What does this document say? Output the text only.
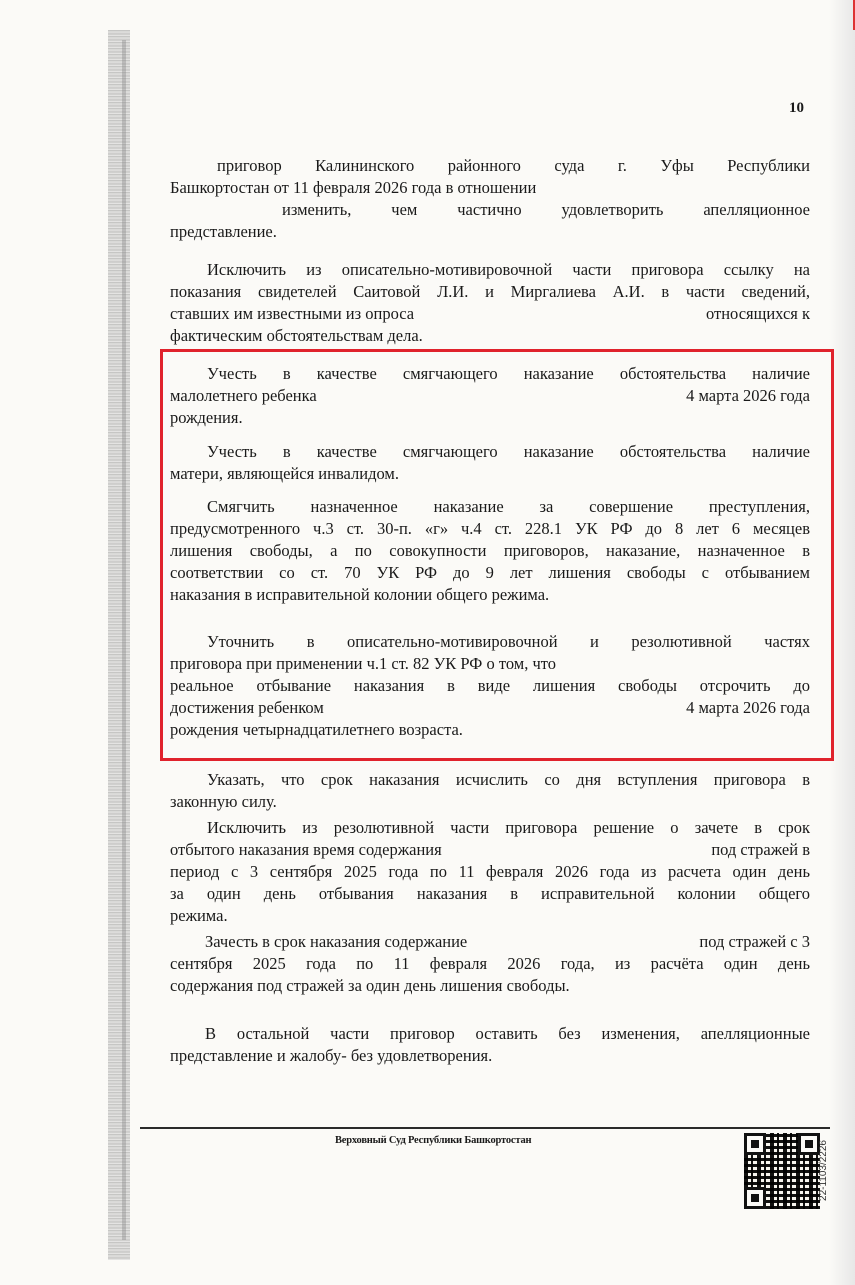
10
приговор Калининского районного суда г. Уфы Республики
Башкортостан от 11 февраля 2026 года в отношении
изменить, чем частично удовлетворить апелляционное
представление.
Исключить из описательно-мотивировочной части приговора ссылку на
показания свидетелей Саитовой Л.И. и Миргалиева А.И. в части сведений,
ставших им известными из опроса	относящихся к
фактическим обстоятельствам дела.
Учесть в качестве смягчающего наказание обстоятельства наличие
малолетнего ребенка	4 марта 2026 года
рождения.
Учесть в качестве смягчающего наказание обстоятельства наличие
матери, являющейся инвалидом.
Смягчить назначенное наказание за совершение преступления,
предусмотренного ч.3 ст. 30-п. «г» ч.4 ст. 228.1 УК РФ до 8 лет 6 месяцев
лишения свободы, а по совокупности приговоров, наказание, назначенное в
соответствии со ст. 70 УК РФ до 9 лет лишения свободы с отбыванием
наказания в исправительной колонии общего режима.
Уточнить в описательно-мотивировочной и резолютивной частях
приговора при применении ч.1 ст. 82 УК РФ о том, что
реальное отбывание наказания в виде лишения свободы отсрочить до
достижения ребенком	4 марта 2026 года
рождения четырнадцатилетнего возраста.
Указать, что срок наказания исчислить со дня вступления приговора в
законную силу.
Исключить из резолютивной части приговора решение о зачете в срок
отбытого наказания время содержания	под стражей в
период с 3 сентября 2025 года по 11 февраля 2026 года из расчета один день
за один день отбывания наказания в исправительной колонии общего
режима.
Зачесть в срок наказания содержание	под стражей с 3
сентября 2025 года по 11 февраля 2026 года, из расчёта один день
содержания под стражей за один день лишения свободы.
В остальной части приговор оставить без изменения, апелляционные
представление и жалобу- без удовлетворения.
Верховный Суд Республики Башкортостан	22-1103/2226
